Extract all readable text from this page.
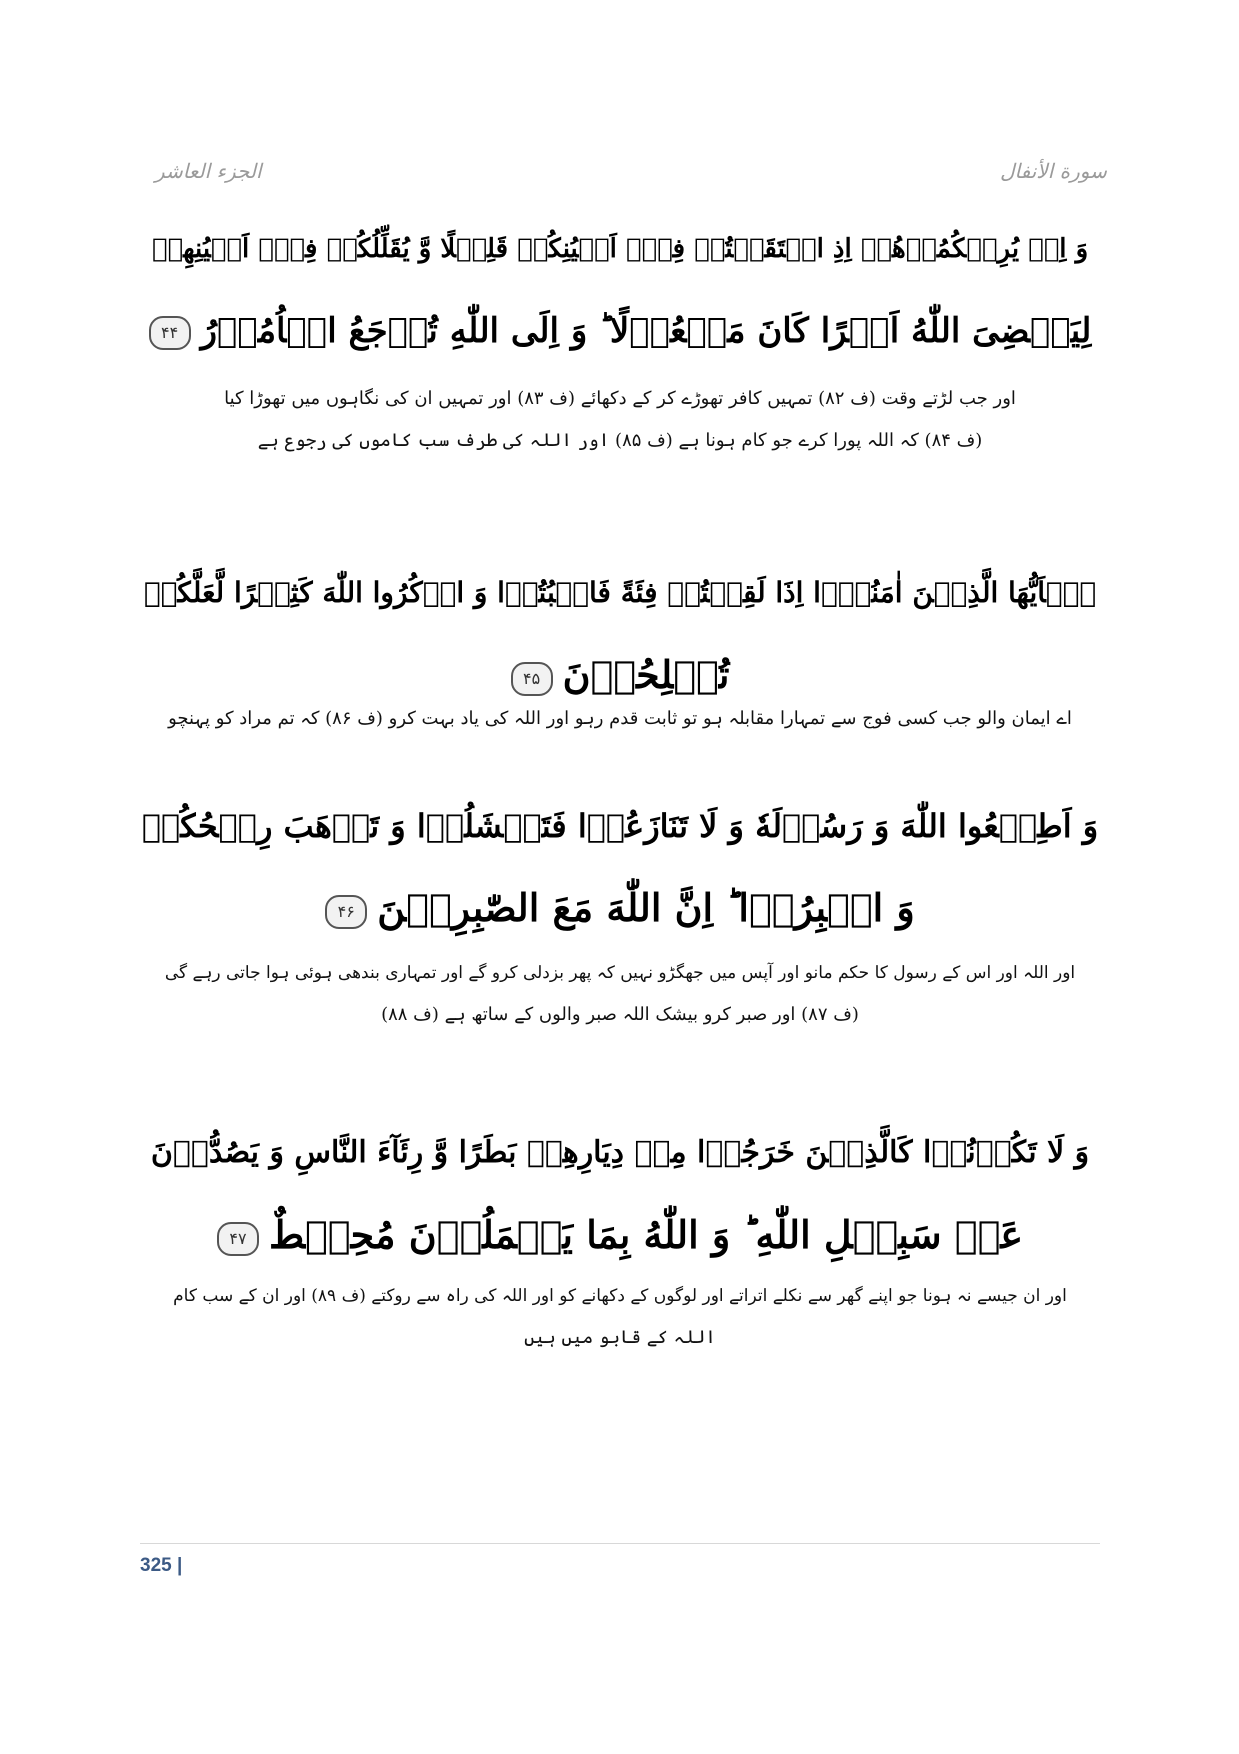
الجزء العاشر	سورة الأنفال
وَ اِذۡ یُرِیۡکُمُوۡهُمۡ اِذِ الۡتَقَیۡتُمۡ فِیۡۤ اَعۡیُنِکُمۡ قَلِیۡلًا وَّ یُقَلِّلُکُمۡ فِیۡۤ اَعۡیُنِهِمۡ
لِیَقۡضِیَ اللّٰهُ اَمۡرًا کَانَ مَفۡعُوۡلًا ؕ وَ اِلَی اللّٰهِ تُرۡجَعُ الۡاُمُوۡرُ۴۴
اور جب لڑتے وقت (ف ۸۲) تمہیں کافر تھوڑے کر کے دکھائے (ف ۸۳) اور تمہیں ان کی نگاہوں میں تھوڑا کیا
(ف ۸۴) کہ اللہ پورا کرے جو کام ہونا ہے (ف ۸۵) اور اللہ کی طرف سب کاموں کی رجوع ہے
یٰۤاَیُّهَا الَّذِیۡنَ اٰمَنُوۡۤا اِذَا لَقِیۡتُمۡ فِئَةً فَاثۡبُتُوۡا وَ اذۡکُرُوا اللّٰهَ کَثِیۡرًا لَّعَلَّکُمۡ
تُفۡلِحُوۡنَ۴۵
اے ایمان والو جب کسی فوج سے تمہارا مقابلہ ہو تو ثابت قدم رہو اور اللہ کی یاد بہت کرو (ف ۸۶) کہ تم مراد کو پہنچو
وَ اَطِیۡعُوا اللّٰهَ وَ رَسُوۡلَهٗ وَ لَا تَنَازَعُوۡا فَتَفۡشَلُوۡا وَ تَذۡهَبَ رِیۡحُکُمۡ
وَ اصۡبِرُوۡا ؕ اِنَّ اللّٰهَ مَعَ الصّٰبِرِیۡنَ۴۶
اور اللہ اور اس کے رسول کا حکم مانو اور آپس میں جھگڑو نہیں کہ پھر بزدلی کرو گے اور تمہاری بندھی ہوئی ہوا جاتی رہے گی
(ف ۸۷) اور صبر کرو بیشک اللہ صبر والوں کے ساتھ ہے (ف ۸۸)
وَ لَا تَکُوۡنُوۡا کَالَّذِیۡنَ خَرَجُوۡا مِنۡ دِیَارِهِمۡ بَطَرًا وَّ رِئَآءَ النَّاسِ وَ یَصُدُّوۡنَ
عَنۡ سَبِیۡلِ اللّٰهِ ؕ وَ اللّٰهُ بِمَا یَعۡمَلُوۡنَ مُحِیۡطٌ۴۷
اور ان جیسے نہ ہونا جو اپنے گھر سے نکلے اتراتے اور لوگوں کے دکھانے کو اور اللہ کی راہ سے روکتے (ف ۸۹) اور ان کے سب کام
اللہ کے قابو میں ہیں
325 |
